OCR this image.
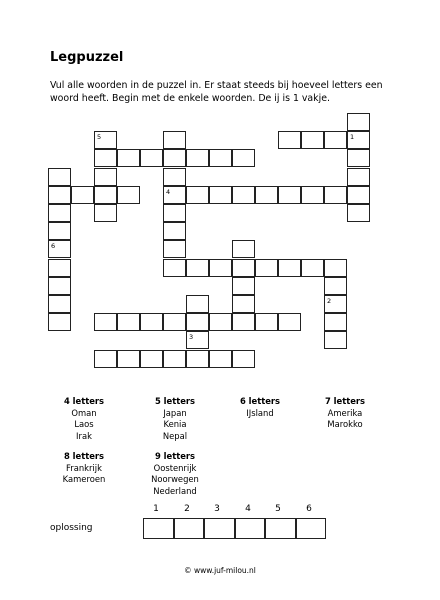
Legpuzzel
Vul alle woorden in de puzzel in. Er staat steeds bij hoeveel letters een woord heeft. Begin met de enkele woorden. De ij is 1 vakje.
1
2
3
4
5
6
4 letters
Oman
Laos
Irak
5 letters
Japan
Kenia
Nepal
6 letters
IJsland
7 letters
Amerika
Marokko
8 letters
Frankrijk
Kameroen
9 letters
Oostenrijk
Noorwegen
Nederland
1	2	3	4	5	6
oplossing
© www.juf-milou.nl
